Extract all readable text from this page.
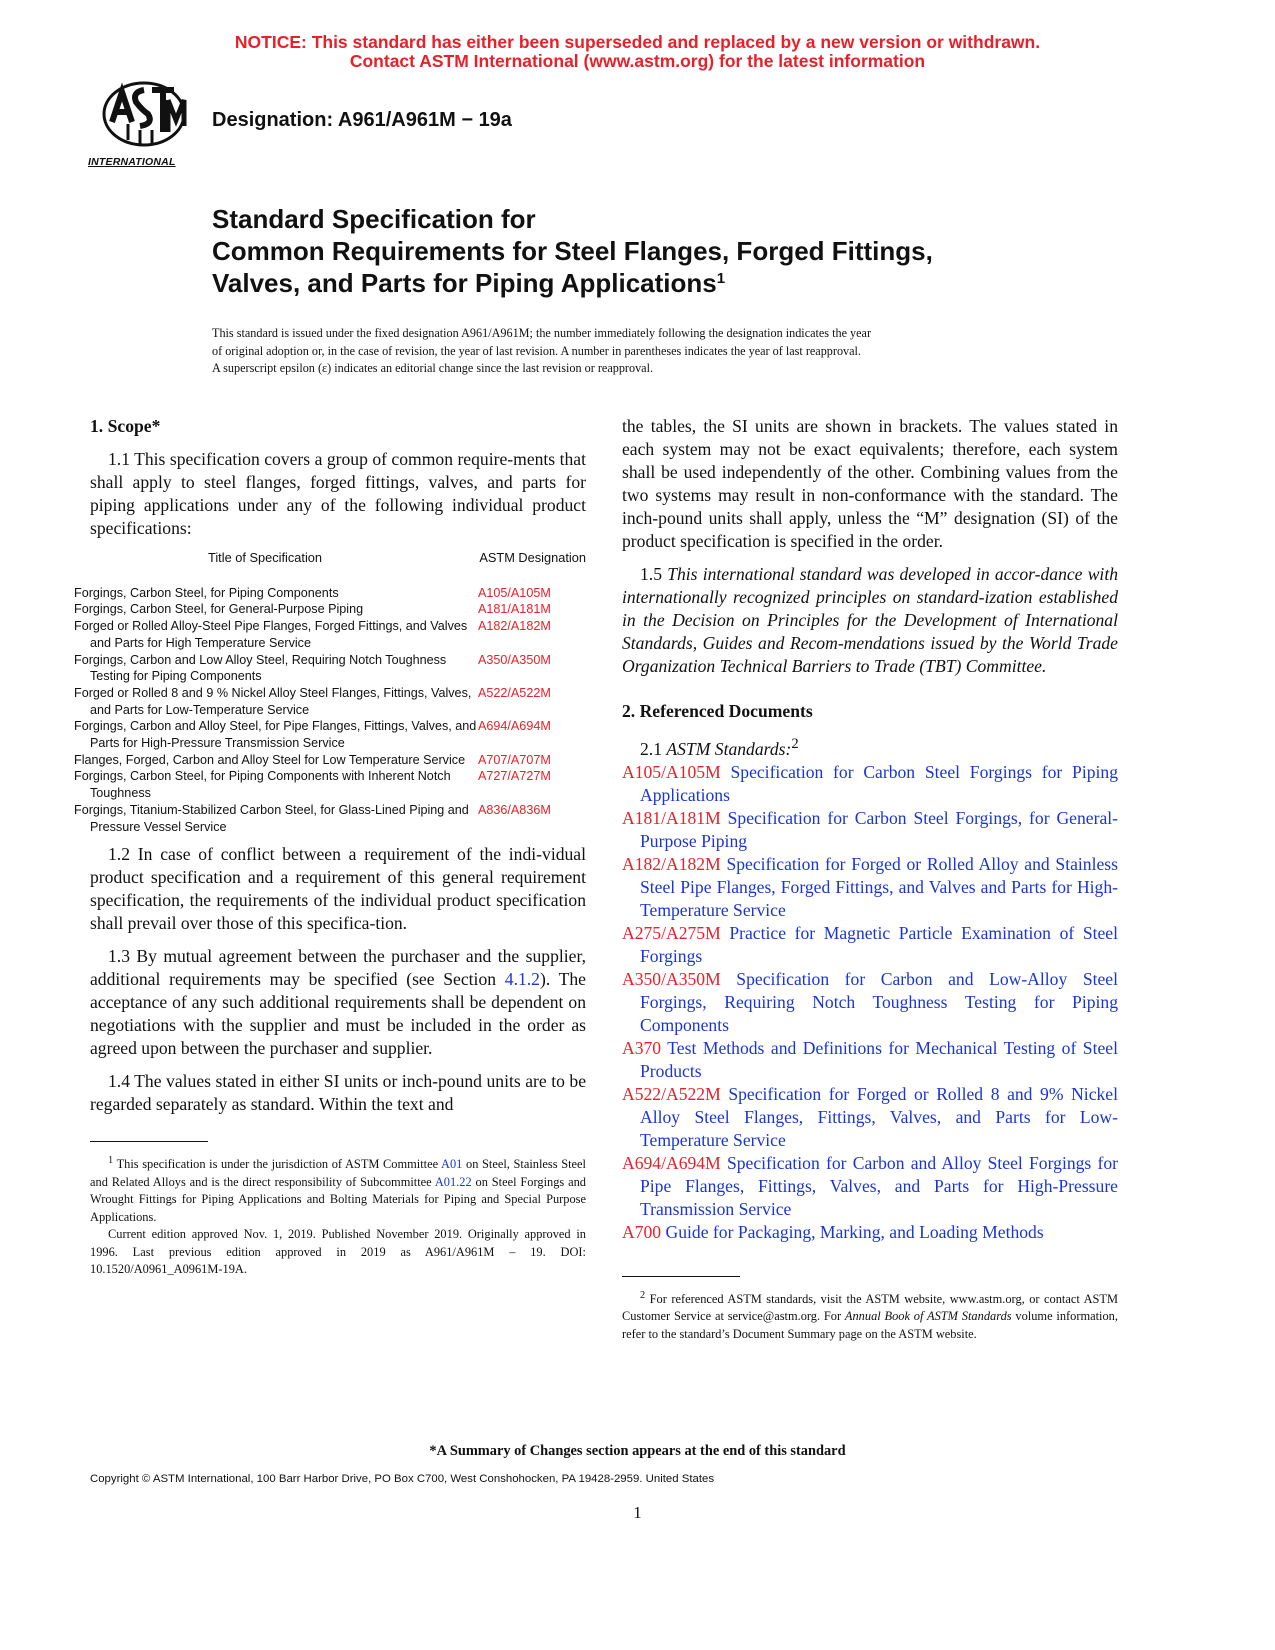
NOTICE: This standard has either been superseded and replaced by a new version or withdrawn.
Contact ASTM International (www.astm.org) for the latest information
INTERNATIONAL
Designation: A961/A961M − 19a
Standard Specification for
Common Requirements for Steel Flanges, Forged Fittings,
Valves, and Parts for Piping Applications$^1$

This standard is issued under the fixed designation A961/A961M; the number immediately following the designation indicates the year

of original adoption or, in the case of revision, the year of last revision. A number in parentheses indicates the year of last reapproval.

A superscript epsilon (ε) indicates an editorial change since the last revision or reapproval.

1. Scope*

1.1 This specification covers a group of common require-ments that shall apply to steel flanges, forged fittings, valves, and parts for piping applications under any of the following individual product specifications:

Title of Specification	ASTM Designation
Forgings, Carbon Steel, for Piping Components	A105/A105M
Forgings, Carbon Steel, for General-Purpose Piping	A181/A181M
Forged or Rolled Alloy-Steel Pipe Flanges, Forged Fittings, and Valves and Parts for High Temperature Service	A182/A182M
Forgings, Carbon and Low Alloy Steel, Requiring Notch Toughness Testing for Piping Components	A350/A350M
Forged or Rolled 8 and 9 % Nickel Alloy Steel Flanges, Fittings, Valves, and Parts for Low-Temperature Service	A522/A522M
Forgings, Carbon and Alloy Steel, for Pipe Flanges, Fittings, Valves, and Parts for High-Pressure Transmission Service	A694/A694M
Flanges, Forged, Carbon and Alloy Steel for Low Temperature Service	A707/A707M
Forgings, Carbon Steel, for Piping Components with Inherent Notch Toughness	A727/A727M
Forgings, Titanium-Stabilized Carbon Steel, for Glass-Lined Piping and Pressure Vessel Service	A836/A836M

1.2 In case of conflict between a requirement of the indi-vidual product specification and a requirement of this general requirement specification, the requirements of the individual product specification shall prevail over those of this specifica-tion.

1.3 By mutual agreement between the purchaser and the supplier, additional requirements may be specified (see Section 4.1.2). The acceptance of any such additional requirements shall be dependent on negotiations with the supplier and must be included in the order as agreed upon between the purchaser and supplier.

1.4 The values stated in either SI units or inch-pound units are to be regarded separately as standard. Within the text and

$^1$ This specification is under the jurisdiction of ASTM Committee A01 on Steel, Stainless Steel and Related Alloys and is the direct responsibility of Subcommittee A01.22 on Steel Forgings and Wrought Fittings for Piping Applications and Bolting Materials for Piping and Special Purpose Applications.

Current edition approved Nov. 1, 2019. Published November 2019. Originally approved in 1996. Last previous edition approved in 2019 as A961/A961M – 19. DOI: 10.1520/A0961_A0961M-19A.

the tables, the SI units are shown in brackets. The values stated in each system may not be exact equivalents; therefore, each system shall be used independently of the other. Combining values from the two systems may result in non-conformance with the standard. The inch-pound units shall apply, unless the “M” designation (SI) of the product specification is specified in the order.

1.5 This international standard was developed in accor-dance with internationally recognized principles on standard-ization established in the Decision on Principles for the Development of International Standards, Guides and Recom-mendations issued by the World Trade Organization Technical Barriers to Trade (TBT) Committee.

2. Referenced Documents

2.1 ASTM Standards:$^2$

A105/A105M Specification for Carbon Steel Forgings for Piping Applications

A181/A181M Specification for Carbon Steel Forgings, for General-Purpose Piping

A182/A182M Specification for Forged or Rolled Alloy and Stainless Steel Pipe Flanges, Forged Fittings, and Valves and Parts for High-Temperature Service

A275/A275M Practice for Magnetic Particle Examination of Steel Forgings

A350/A350M Specification for Carbon and Low-Alloy Steel Forgings, Requiring Notch Toughness Testing for Piping Components

A370 Test Methods and Definitions for Mechanical Testing of Steel Products

A522/A522M Specification for Forged or Rolled 8 and 9% Nickel Alloy Steel Flanges, Fittings, Valves, and Parts for Low-Temperature Service

A694/A694M Specification for Carbon and Alloy Steel Forgings for Pipe Flanges, Fittings, Valves, and Parts for High-Pressure Transmission Service

A700 Guide for Packaging, Marking, and Loading Methods

$^2$ For referenced ASTM standards, visit the ASTM website, www.astm.org, or contact ASTM Customer Service at service@astm.org. For Annual Book of ASTM Standards volume information, refer to the standard’s Document Summary page on the ASTM website.

*A Summary of Changes section appears at the end of this standard
Copyright © ASTM International, 100 Barr Harbor Drive, PO Box C700, West Conshohocken, PA 19428-2959. United States
1
